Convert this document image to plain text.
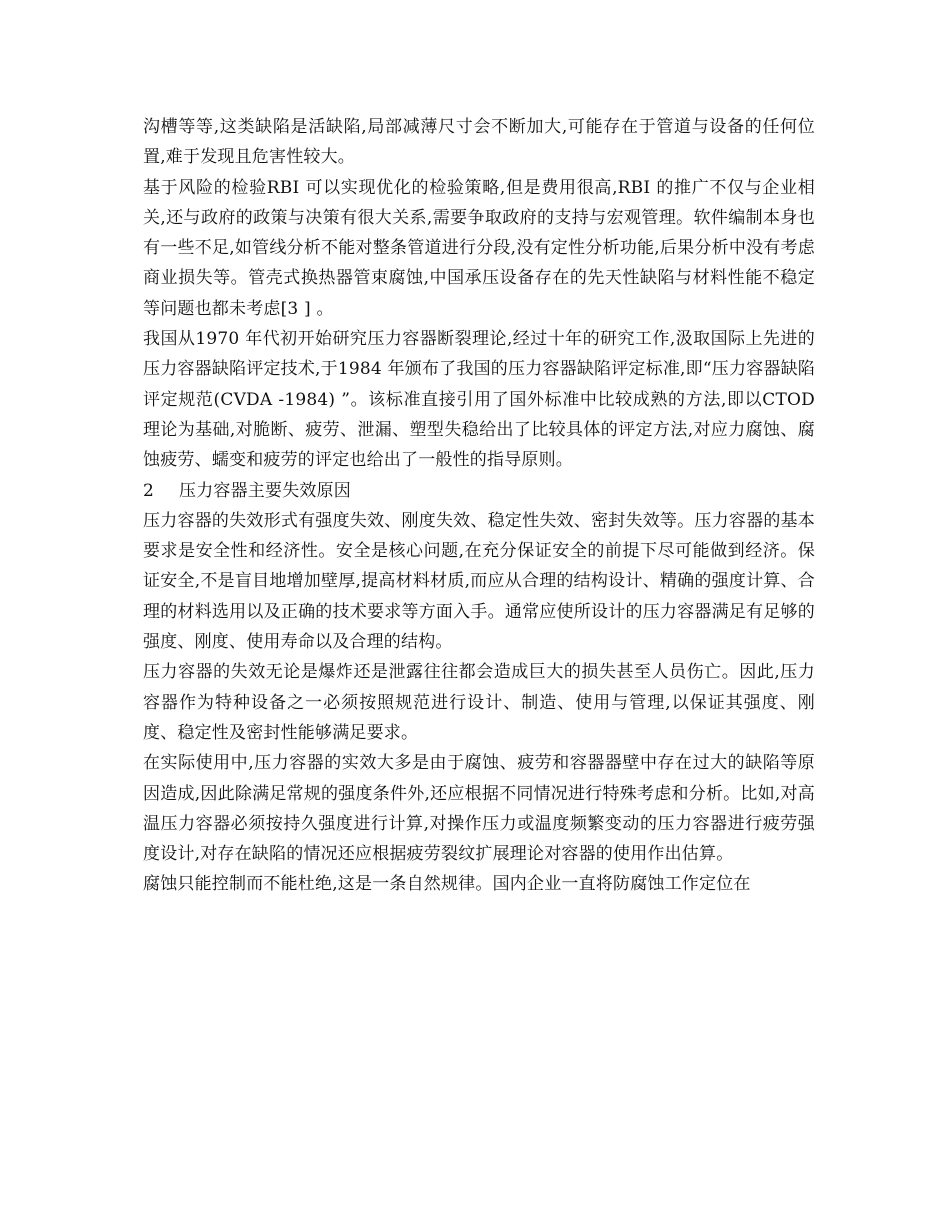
沟槽等等,这类缺陷是活缺陷,局部减薄尺寸会不断加大,可能存在于管道与设备的任何位置,难于发现且危害性较大。

基于风险的检验RBI 可以实现优化的检验策略,但是费用很高,RBI 的推广不仅与企业相关,还与政府的政策与决策有很大关系,需要争取政府的支持与宏观管理。软件编制本身也有一些不足,如管线分析不能对整条管道进行分段,没有定性分析功能,后果分析中没有考虑商业损失等。管壳式换热器管束腐蚀,中国承压设备存在的先天性缺陷与材料性能不稳定等问题也都未考虑[3 ] 。

我国从1970 年代初开始研究压力容器断裂理论,经过十年的研究工作,汲取国际上先进的压力容器缺陷评定技术,于1984 年颁布了我国的压力容器缺陷评定标准,即“压力容器缺陷评定规范(CVDA -1984) ”。该标准直接引用了国外标准中比较成熟的方法,即以CTOD 理论为基础,对脆断、疲劳、泄漏、塑型失稳给出了比较具体的评定方法,对应力腐蚀、腐蚀疲劳、蠕变和疲劳的评定也给出了一般性的指导原则。

2	压力容器主要失效原因

压力容器的失效形式有强度失效、刚度失效、稳定性失效、密封失效等。压力容器的基本要求是安全性和经济性。安全是核心问题,在充分保证安全的前提下尽可能做到经济。保证安全,不是盲目地增加壁厚,提高材料材质,而应从合理的结构设计、精确的强度计算、合理的材料选用以及正确的技术要求等方面入手。通常应使所设计的压力容器满足有足够的强度、刚度、使用寿命以及合理的结构。

压力容器的失效无论是爆炸还是泄露往往都会造成巨大的损失甚至人员伤亡。因此,压力容器作为特种设备之一必须按照规范进行设计、制造、使用与管理,以保证其强度、刚度、稳定性及密封性能够满足要求。

在实际使用中,压力容器的实效大多是由于腐蚀、疲劳和容器器壁中存在过大的缺陷等原因造成,因此除满足常规的强度条件外,还应根据不同情况进行特殊考虑和分析。比如,对高温压力容器必须按持久强度进行计算,对操作压力或温度频繁变动的压力容器进行疲劳强度设计,对存在缺陷的情况还应根据疲劳裂纹扩展理论对容器的使用作出估算。

腐蚀只能控制而不能杜绝,这是一条自然规律。国内企业一直将防腐蚀工作定位在
